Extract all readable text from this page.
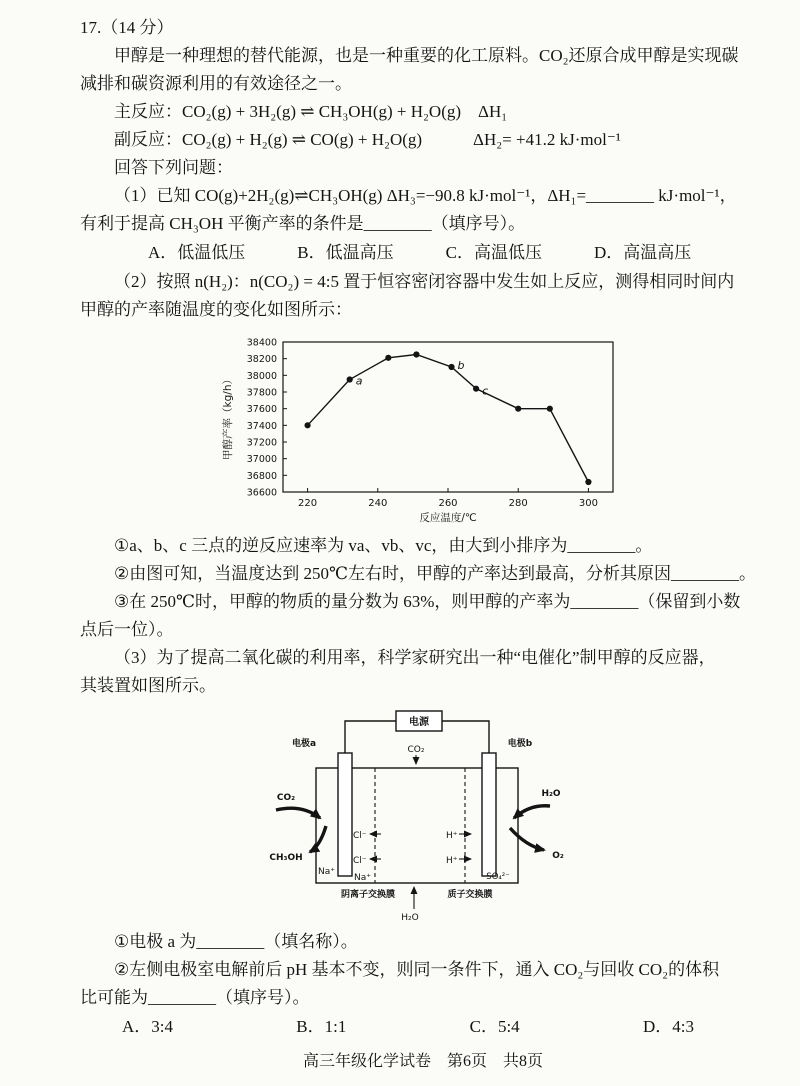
17.（14 分）

甲醇是一种理想的替代能源，也是一种重要的化工原料。CO₂还原合成甲醇是实现碳

减排和碳资源利用的有效途径之一。

主反应：CO₂(g) + 3H₂(g) ⇌ CH₃OH(g) + H₂O(g)　ΔH₁

副反应：CO₂(g) + H₂(g) ⇌ CO(g) + H₂O(g)　　　ΔH₂= +41.2 kJ·mol⁻¹

回答下列问题：

（1）已知 CO(g)+2H₂(g)⇌CH₃OH(g) ΔH₃=−90.8 kJ·mol⁻¹，ΔH₁=________ kJ·mol⁻¹，

有利于提高 CH₃OH 平衡产率的条件是________（填序号）。

A．低温低压	B．低温高压	C．高温低压	D．高温高压

（2）按照 n(H₂)：n(CO₂) = 4:5 置于恒容密闭容器中发生如上反应，测得相同时间内

甲醇的产率随温度的变化如图所示：

36600
36800
37000
37200
37400
37600
37800
38000
38200
38400
220	240	260	280	300
反应温度/℃
甲醇产率（kg/h）	a
b
c

①a、b、c 三点的逆反应速率为 va、vb、vc，由大到小排序为________。

②由图可知，当温度达到 250℃左右时，甲醇的产率达到最高，分析其原因________。

③在 250℃时，甲醇的物质的量分数为 63%，则甲醇的产率为________（保留到小数

点后一位）。

（3）为了提高二氧化碳的利用率，科学家研究出一种“电催化”制甲醇的反应器，

其装置如图所示。

电源
电极a	电极b
CO₂
Cl⁻
Cl⁻
Na⁺
Na⁺
H⁺
H⁺
SO₄²⁻
CO₂
CH₃OH
H₂O
O₂
阴离子交换膜	质子交换膜
H₂O

①电极 a 为________（填名称）。

②左侧电极室电解前后 pH 基本不变，则同一条件下，通入 CO₂与回收 CO₂的体积

比可能为________（填序号）。

A．3:4	B．1:1	C．5:4	D．4:3

高三年级化学试卷　第6页　共8页
